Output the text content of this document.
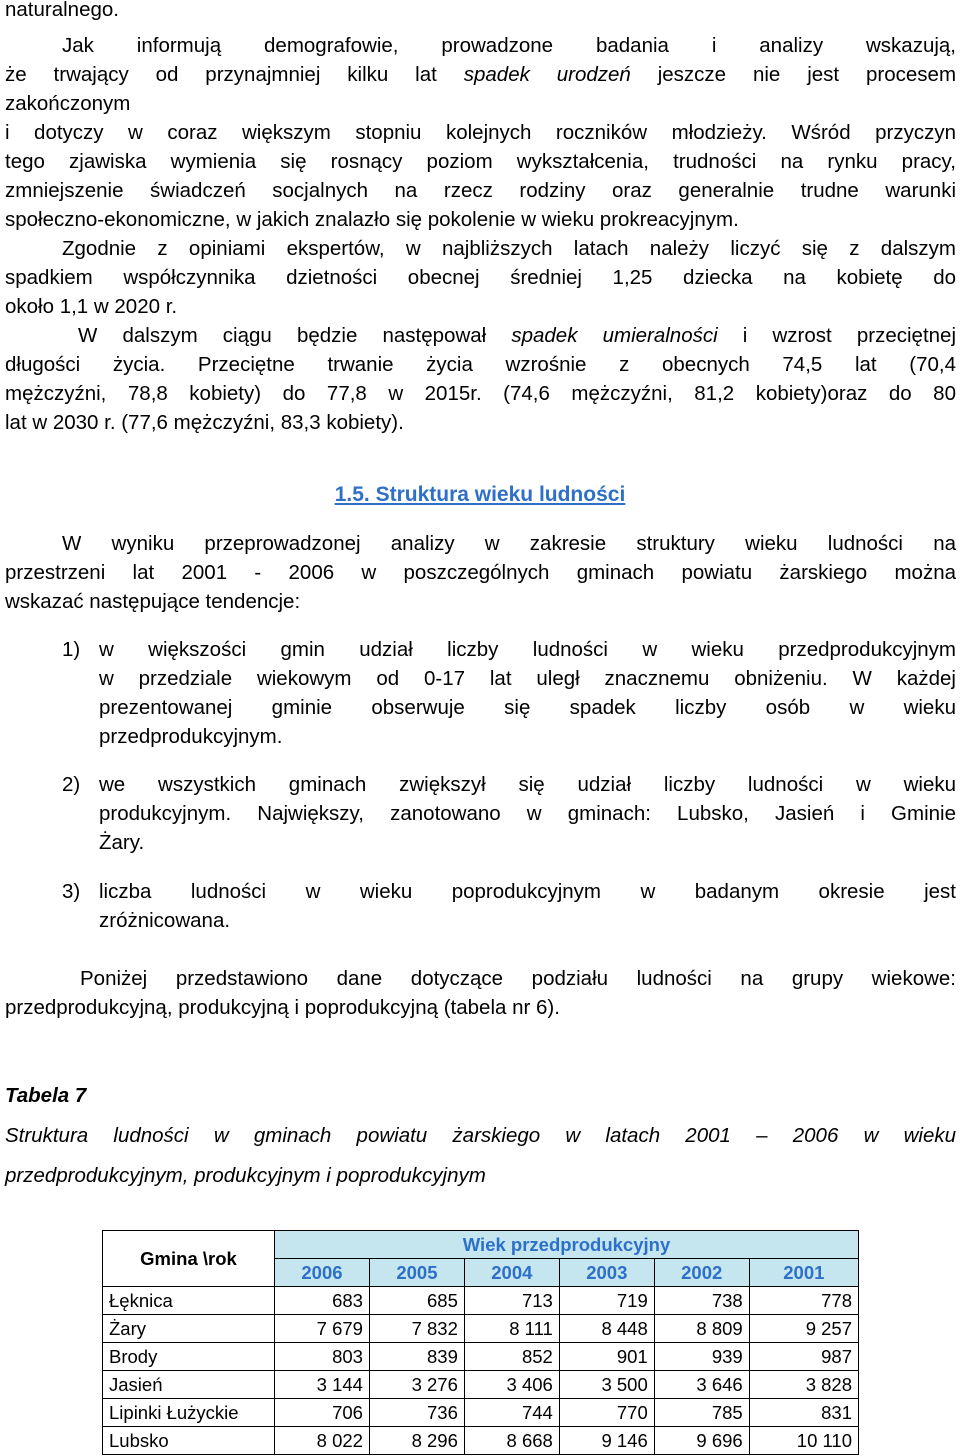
naturalnego.
Jak informują demografowie, prowadzone badania i analizy wskazują,
że trwający od przynajmniej kilku lat spadek urodzeń jeszcze nie jest procesem
zakończonym
i dotyczy w coraz większym stopniu kolejnych roczników młodzieży. Wśród przyczyn
tego zjawiska wymienia się rosnący poziom wykształcenia, trudności na rynku pracy,
zmniejszenie świadczeń socjalnych na rzecz rodziny oraz generalnie trudne warunki
społeczno-ekonomiczne, w jakich znalazło się pokolenie w wieku prokreacyjnym.
Zgodnie z opiniami ekspertów, w najbliższych latach należy liczyć się z dalszym
spadkiem współczynnika dzietności obecnej średniej 1,25 dziecka na kobietę do
około 1,1 w 2020 r.
W dalszym ciągu będzie następował spadek umieralności i wzrost przeciętnej
długości życia. Przeciętne trwanie życia wzrośnie z obecnych 74,5 lat (70,4
mężczyźni, 78,8 kobiety) do 77,8 w 2015r. (74,6 mężczyźni, 81,2 kobiety)oraz do 80
lat w 2030 r. (77,6 mężczyźni, 83,3 kobiety).
1.5. Struktura wieku ludności
W wyniku przeprowadzonej analizy w zakresie struktury wieku ludności na
przestrzeni lat 2001 - 2006 w poszczególnych gminach powiatu żarskiego można
wskazać następujące tendencje:
1) w większości gmin udział liczby ludności w wieku przedprodukcyjnym
w przedziale wiekowym od 0-17 lat uległ znacznemu obniżeniu. W każdej
prezentowanej gminie obserwuje się spadek liczby osób w wieku
przedprodukcyjnym.
2) we wszystkich gminach zwiększył się udział liczby ludności w wieku
produkcyjnym. Największy, zanotowano w gminach: Lubsko, Jasień i Gminie
Żary.
3) liczba ludności w wieku poprodukcyjnym w badanym okresie jest
zróżnicowana.
Poniżej przedstawiono dane dotyczące podziału ludności na grupy wiekowe:
przedprodukcyjną, produkcyjną i poprodukcyjną (tabela nr 6).
Tabela 7
Struktura ludności w gminach powiatu żarskiego w latach 2001 – 2006 w wieku
przedprodukcyjnym, produkcyjnym i poprodukcyjnym
Gmina \rok	Wiek przedprodukcyjny					
	2006	2005	2004	2003	2002	2001
Łęknica	683	685	713	719	738	778
Żary	7 679	7 832	8 111	8 448	8 809	9 257
Brody	803	839	852	901	939	987
Jasień	3 144	3 276	3 406	3 500	3 646	3 828
Lipinki Łużyckie	706	736	744	770	785	831
Lubsko	8 022	8 296	8 668	9 146	9 696	10 110
